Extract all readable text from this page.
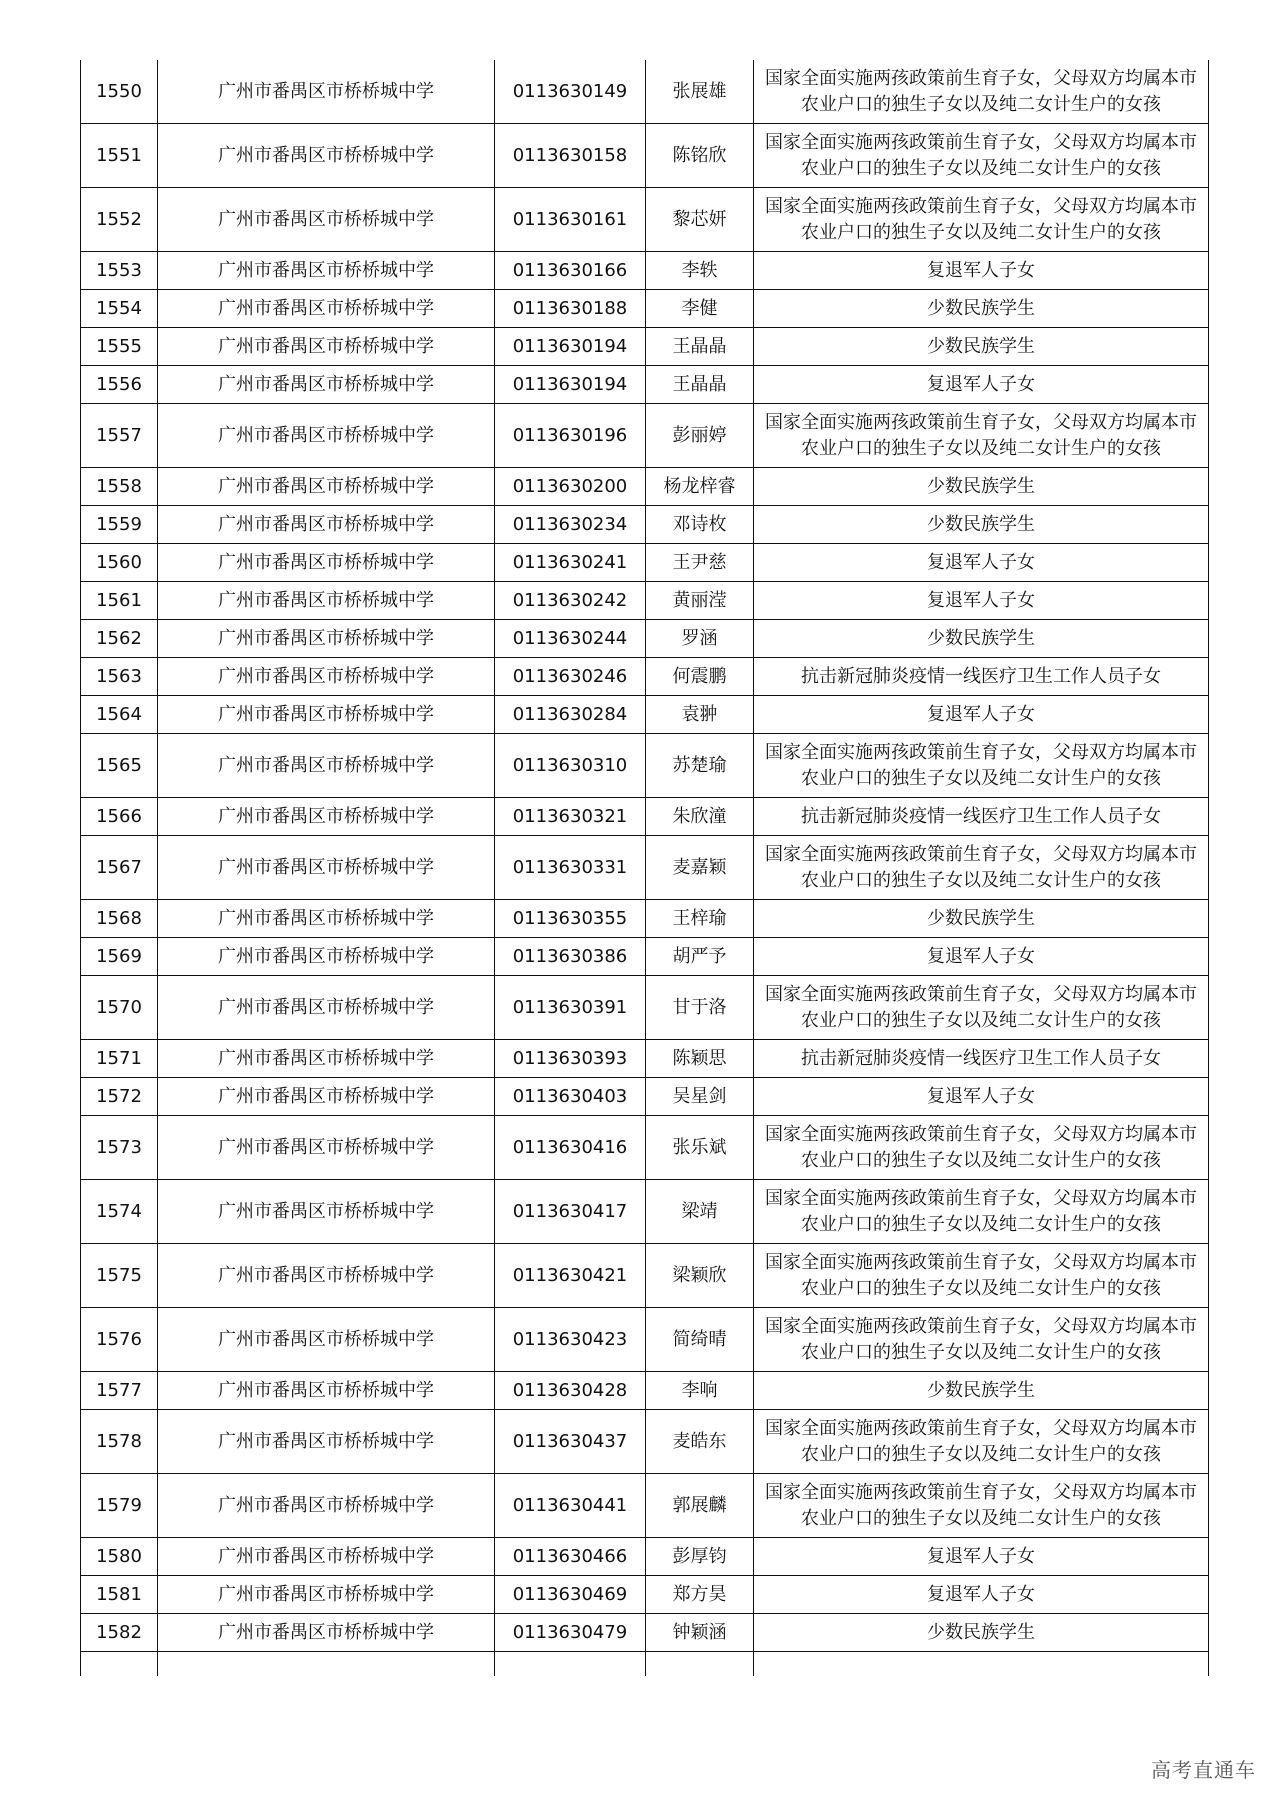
1550	广州市番禺区市桥桥城中学	0113630149	张展雄	国家全面实施两孩政策前生育子女，父母双方均属本市农业户口的独生子女以及纯二女计生户的女孩
1551	广州市番禺区市桥桥城中学	0113630158	陈铭欣	国家全面实施两孩政策前生育子女，父母双方均属本市农业户口的独生子女以及纯二女计生户的女孩
1552	广州市番禺区市桥桥城中学	0113630161	黎芯妍	国家全面实施两孩政策前生育子女，父母双方均属本市农业户口的独生子女以及纯二女计生户的女孩
1553	广州市番禺区市桥桥城中学	0113630166	李轶	复退军人子女
1554	广州市番禺区市桥桥城中学	0113630188	李健	少数民族学生
1555	广州市番禺区市桥桥城中学	0113630194	王晶晶	少数民族学生
1556	广州市番禺区市桥桥城中学	0113630194	王晶晶	复退军人子女
1557	广州市番禺区市桥桥城中学	0113630196	彭丽婷	国家全面实施两孩政策前生育子女，父母双方均属本市农业户口的独生子女以及纯二女计生户的女孩
1558	广州市番禺区市桥桥城中学	0113630200	杨龙梓睿	少数民族学生
1559	广州市番禺区市桥桥城中学	0113630234	邓诗枚	少数民族学生
1560	广州市番禺区市桥桥城中学	0113630241	王尹慈	复退军人子女
1561	广州市番禺区市桥桥城中学	0113630242	黄丽滢	复退军人子女
1562	广州市番禺区市桥桥城中学	0113630244	罗涵	少数民族学生
1563	广州市番禺区市桥桥城中学	0113630246	何震鹏	抗击新冠肺炎疫情一线医疗卫生工作人员子女
1564	广州市番禺区市桥桥城中学	0113630284	袁翀	复退军人子女
1565	广州市番禺区市桥桥城中学	0113630310	苏楚瑜	国家全面实施两孩政策前生育子女，父母双方均属本市农业户口的独生子女以及纯二女计生户的女孩
1566	广州市番禺区市桥桥城中学	0113630321	朱欣潼	抗击新冠肺炎疫情一线医疗卫生工作人员子女
1567	广州市番禺区市桥桥城中学	0113630331	麦嘉颖	国家全面实施两孩政策前生育子女，父母双方均属本市农业户口的独生子女以及纯二女计生户的女孩
1568	广州市番禺区市桥桥城中学	0113630355	王梓瑜	少数民族学生
1569	广州市番禺区市桥桥城中学	0113630386	胡严予	复退军人子女
1570	广州市番禺区市桥桥城中学	0113630391	甘于洛	国家全面实施两孩政策前生育子女，父母双方均属本市农业户口的独生子女以及纯二女计生户的女孩
1571	广州市番禺区市桥桥城中学	0113630393	陈颖思	抗击新冠肺炎疫情一线医疗卫生工作人员子女
1572	广州市番禺区市桥桥城中学	0113630403	吴星剑	复退军人子女
1573	广州市番禺区市桥桥城中学	0113630416	张乐斌	国家全面实施两孩政策前生育子女，父母双方均属本市农业户口的独生子女以及纯二女计生户的女孩
1574	广州市番禺区市桥桥城中学	0113630417	梁靖	国家全面实施两孩政策前生育子女，父母双方均属本市农业户口的独生子女以及纯二女计生户的女孩
1575	广州市番禺区市桥桥城中学	0113630421	梁颖欣	国家全面实施两孩政策前生育子女，父母双方均属本市农业户口的独生子女以及纯二女计生户的女孩
1576	广州市番禺区市桥桥城中学	0113630423	简绮晴	国家全面实施两孩政策前生育子女，父母双方均属本市农业户口的独生子女以及纯二女计生户的女孩
1577	广州市番禺区市桥桥城中学	0113630428	李响	少数民族学生
1578	广州市番禺区市桥桥城中学	0113630437	麦皓东	国家全面实施两孩政策前生育子女，父母双方均属本市农业户口的独生子女以及纯二女计生户的女孩
1579	广州市番禺区市桥桥城中学	0113630441	郭展麟	国家全面实施两孩政策前生育子女，父母双方均属本市农业户口的独生子女以及纯二女计生户的女孩
1580	广州市番禺区市桥桥城中学	0113630466	彭厚钧	复退军人子女
1581	广州市番禺区市桥桥城中学	0113630469	郑方昊	复退军人子女
1582	广州市番禺区市桥桥城中学	0113630479	钟颖涵	少数民族学生

高考直通车
